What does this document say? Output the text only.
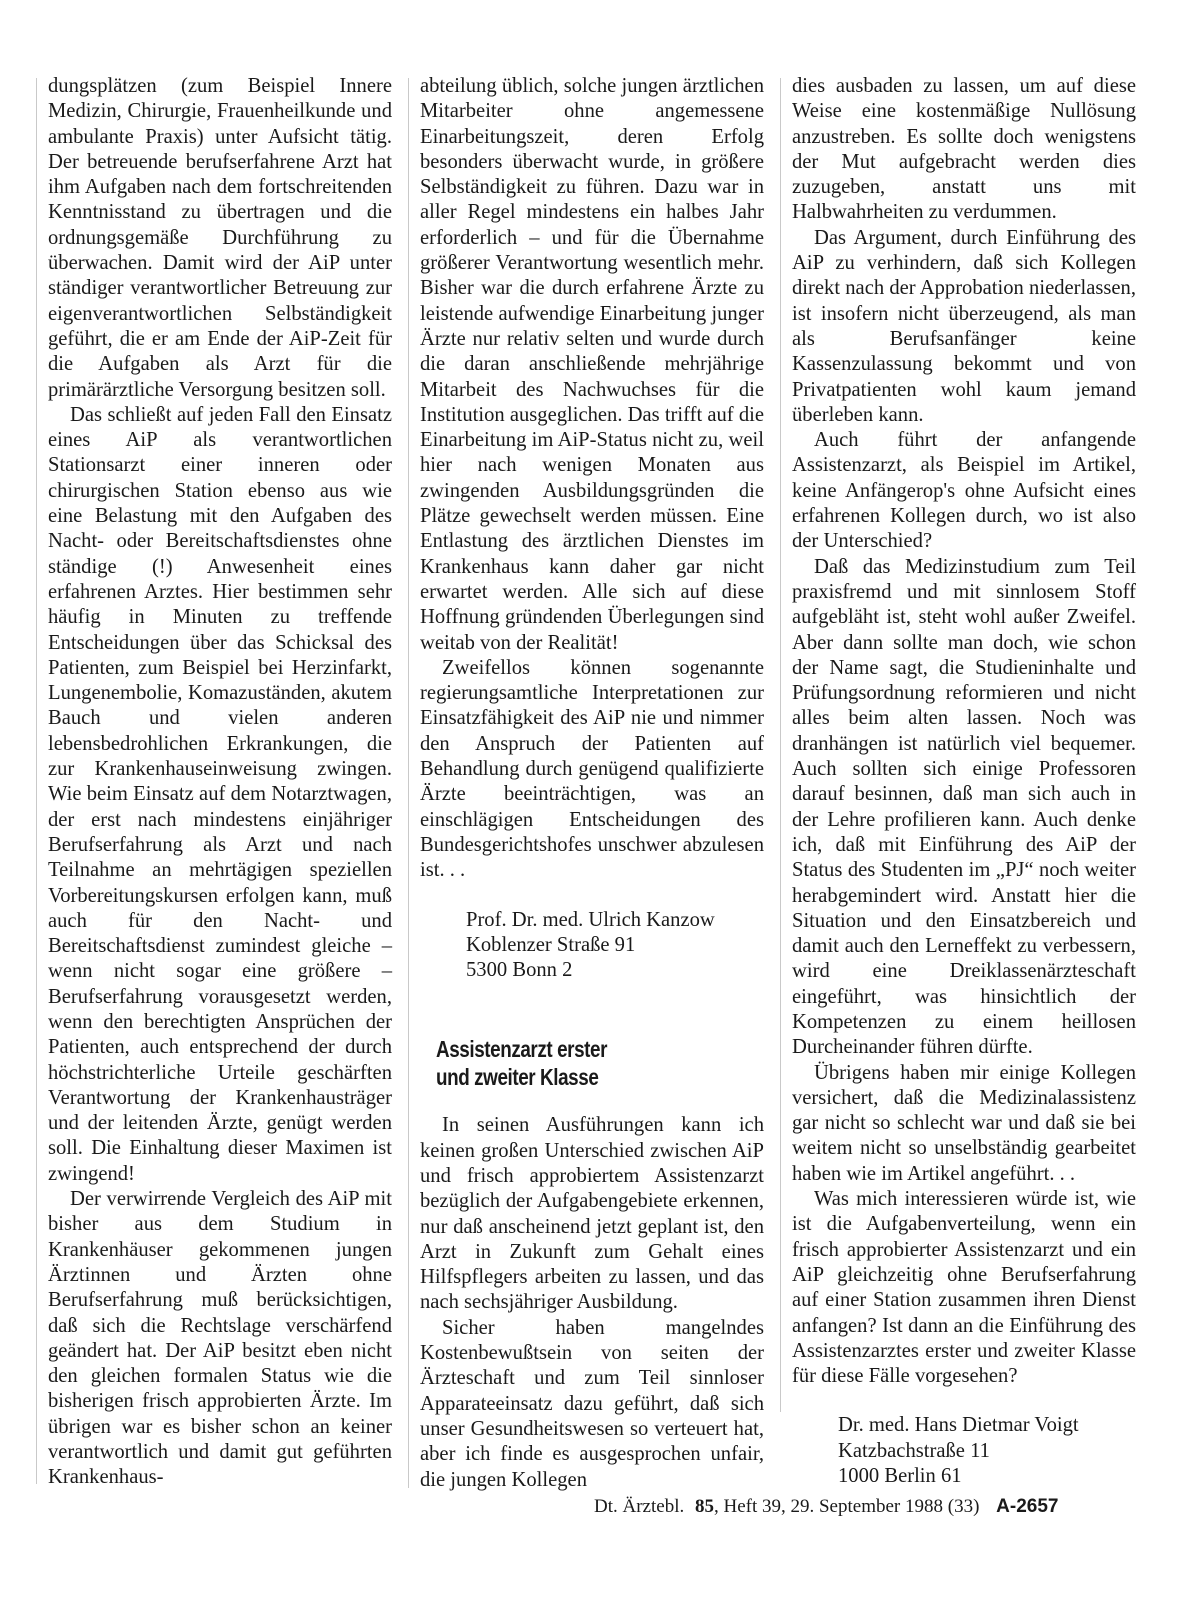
dungsplätzen (zum Beispiel Innere Medizin, Chirurgie, Frauenheilkunde und ambulante Praxis) unter Aufsicht tätig. Der betreuende berufserfahrene Arzt hat ihm Aufgaben nach dem fortschreitenden Kenntnisstand zu übertragen und die ordnungsgemäße Durchführung zu überwachen. Damit wird der AiP unter ständiger verantwortlicher Betreuung zur eigenverantwortlichen Selbständigkeit geführt, die er am Ende der AiP-Zeit für die Aufgaben als Arzt für die primärärztliche Versorgung besitzen soll.

Das schließt auf jeden Fall den Einsatz eines AiP als verantwortlichen Stationsarzt einer inneren oder chirurgischen Station ebenso aus wie eine Belastung mit den Aufgaben des Nacht- oder Bereitschaftsdienstes ohne ständige (!) Anwesenheit eines erfahrenen Arztes. Hier bestimmen sehr häufig in Minuten zu treffende Entscheidungen über das Schicksal des Patienten, zum Beispiel bei Herzinfarkt, Lungenembolie, Komazuständen, akutem Bauch und vielen anderen lebensbedrohlichen Erkrankungen, die zur Krankenhauseinweisung zwingen. Wie beim Einsatz auf dem Notarztwagen, der erst nach mindestens einjähriger Berufserfahrung als Arzt und nach Teilnahme an mehrtägigen speziellen Vorbereitungskursen erfolgen kann, muß auch für den Nacht- und Bereitschaftsdienst zumindest gleiche – wenn nicht sogar eine größere – Berufserfahrung vorausgesetzt werden, wenn den berechtigten Ansprüchen der Patienten, auch entsprechend der durch höchstrichterliche Urteile geschärften Verantwortung der Krankenhausträger und der leitenden Ärzte, genügt werden soll. Die Einhaltung dieser Maximen ist zwingend!

Der verwirrende Vergleich des AiP mit bisher aus dem Studium in Krankenhäuser gekommenen jungen Ärztinnen und Ärzten ohne Berufserfahrung muß berücksichtigen, daß sich die Rechtslage verschärfend geändert hat. Der AiP besitzt eben nicht den gleichen formalen Status wie die bisherigen frisch approbierten Ärzte. Im übrigen war es bisher schon an keiner verantwortlich und damit gut geführten Krankenhaus-

abteilung üblich, solche jungen ärztlichen Mitarbeiter ohne angemessene Einarbeitungszeit, deren Erfolg besonders überwacht wurde, in größere Selbständigkeit zu führen. Dazu war in aller Regel mindestens ein halbes Jahr erforderlich – und für die Übernahme größerer Verantwortung wesentlich mehr. Bisher war die durch erfahrene Ärzte zu leistende aufwendige Einarbeitung junger Ärzte nur relativ selten und wurde durch die daran anschließende mehrjährige Mitarbeit des Nachwuchses für die Institution ausgeglichen. Das trifft auf die Einarbeitung im AiP-Status nicht zu, weil hier nach wenigen Monaten aus zwingenden Ausbildungsgründen die Plätze gewechselt werden müssen. Eine Entlastung des ärztlichen Dienstes im Krankenhaus kann daher gar nicht erwartet werden. Alle sich auf diese Hoffnung gründenden Überlegungen sind weitab von der Realität!

Zweifellos können sogenannte regierungsamtliche Interpretationen zur Einsatzfähigkeit des AiP nie und nimmer den Anspruch der Patienten auf Behandlung durch genügend qualifizierte Ärzte beeinträchtigen, was an einschlägigen Entscheidungen des Bundesgerichtshofes unschwer abzulesen ist. . .

Prof. Dr. med. Ulrich Kanzow
Koblenzer Straße 91
5300 Bonn 2

Assistenzarzt erster
und zweiter Klasse

In seinen Ausführungen kann ich keinen großen Unterschied zwischen AiP und frisch approbiertem Assistenzarzt bezüglich der Aufgabengebiete erkennen, nur daß anscheinend jetzt geplant ist, den Arzt in Zukunft zum Gehalt eines Hilfspflegers arbeiten zu lassen, und das nach sechsjähriger Ausbildung.

Sicher haben mangelndes Kostenbewußtsein von seiten der Ärzteschaft und zum Teil sinnloser Apparateeinsatz dazu geführt, daß sich unser Gesundheitswesen so verteuert hat, aber ich finde es ausgesprochen unfair, die jungen Kollegen

dies ausbaden zu lassen, um auf diese Weise eine kostenmäßige Nullösung anzustreben. Es sollte doch wenigstens der Mut aufgebracht werden dies zuzugeben, anstatt uns mit Halbwahrheiten zu verdummen.

Das Argument, durch Einführung des AiP zu verhindern, daß sich Kollegen direkt nach der Approbation niederlassen, ist insofern nicht überzeugend, als man als Berufsanfänger keine Kassenzulassung bekommt und von Privatpatienten wohl kaum jemand überleben kann.

Auch führt der anfangende Assistenzarzt, als Beispiel im Artikel, keine Anfängerop's ohne Aufsicht eines erfahrenen Kollegen durch, wo ist also der Unterschied?

Daß das Medizinstudium zum Teil praxisfremd und mit sinnlosem Stoff aufgebläht ist, steht wohl außer Zweifel. Aber dann sollte man doch, wie schon der Name sagt, die Studieninhalte und Prüfungsordnung reformieren und nicht alles beim alten lassen. Noch was dranhängen ist natürlich viel bequemer. Auch sollten sich einige Professoren darauf besinnen, daß man sich auch in der Lehre profilieren kann. Auch denke ich, daß mit Einführung des AiP der Status des Studenten im „PJ“ noch weiter herabgemindert wird. Anstatt hier die Situation und den Einsatzbereich und damit auch den Lerneffekt zu verbessern, wird eine Dreiklassenärzteschaft eingeführt, was hinsichtlich der Kompetenzen zu einem heillosen Durcheinander führen dürfte.

Übrigens haben mir einige Kollegen versichert, daß die Medizinalassistenz gar nicht so schlecht war und daß sie bei weitem nicht so unselbständig gearbeitet haben wie im Artikel angeführt. . .

Was mich interessieren würde ist, wie ist die Aufgabenverteilung, wenn ein frisch approbierter Assistenzarzt und ein AiP gleichzeitig ohne Berufserfahrung auf einer Station zusammen ihren Dienst anfangen? Ist dann an die Einführung des Assistenzarztes erster und zweiter Klasse für diese Fälle vorgesehen?

Dr. med. Hans Dietmar Voigt
Katzbachstraße 11
1000 Berlin 61

Dt. Ärztebl. 85, Heft 39, 29. September 1988 (33) A-2657
